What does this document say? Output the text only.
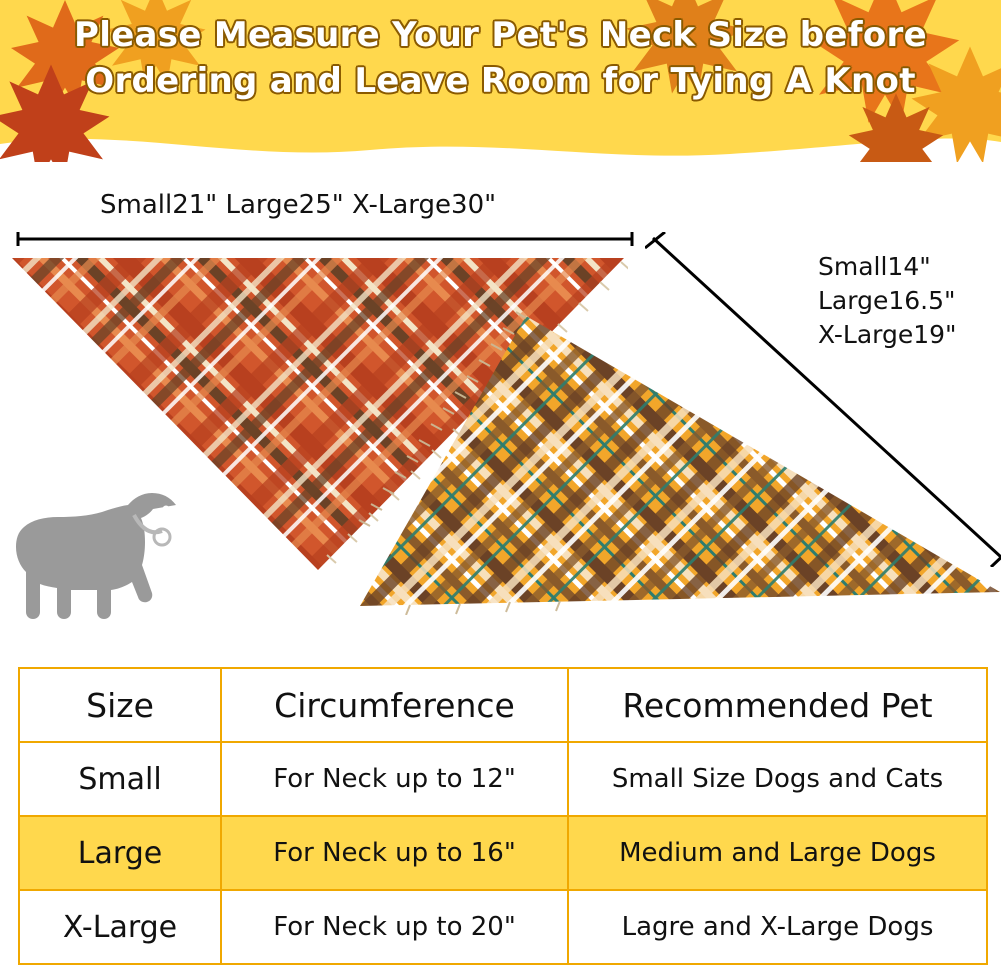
Please Measure Your Pet's Neck Size before
Ordering and Leave Room for Tying A Knot
Small21" Large25" X-Large30"
Small14"
Large16.5"
X-Large19"
Size	Circumference	Recommended Pet
Small	For Neck up to 12"	Small Size Dogs and Cats
Large	For Neck up to 16"	Medium and Large Dogs
X-Large	For Neck up to 20"	Lagre and X-Large Dogs
